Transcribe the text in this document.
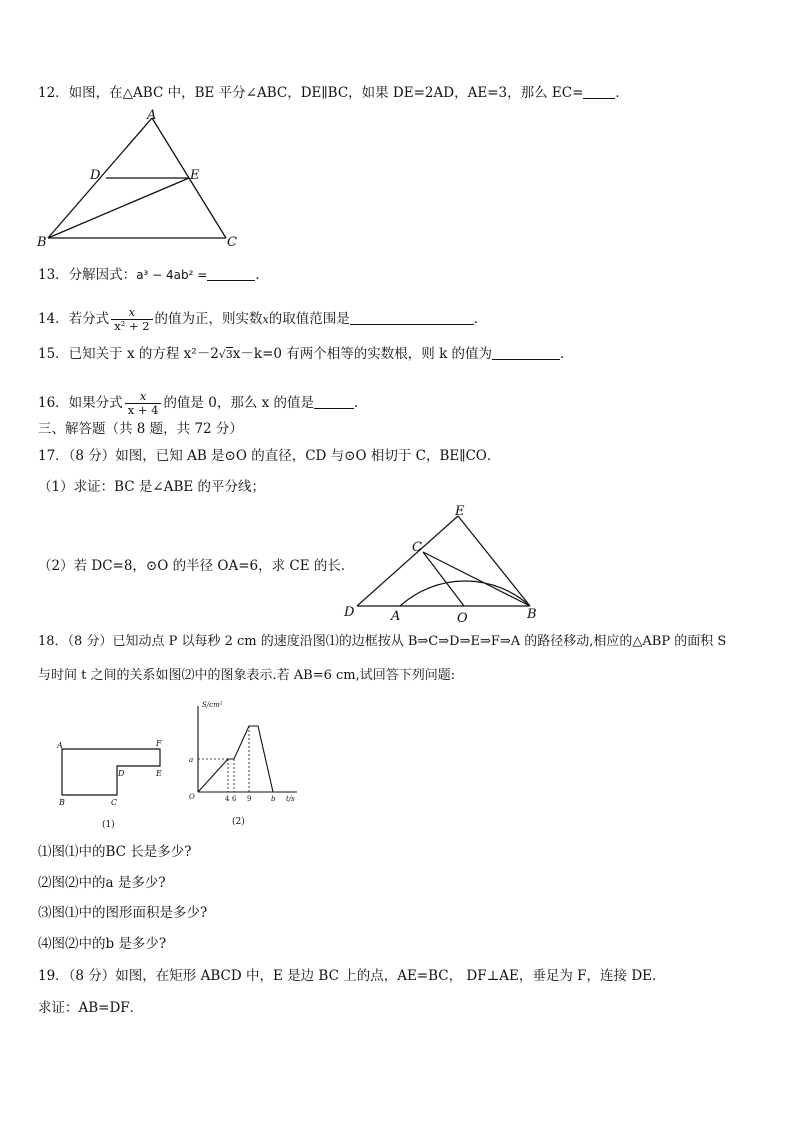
12．如图，在△ABC 中，BE 平分∠ABC，DE∥BC，如果 DE=2AD，AE=3，那么 EC= ．
A
D	E
B	C
13．分解因式：a³ − 4ab² =	．
14．若分式 $\frac{x}{\text{x² + 2}}$ 的值为正，则实数x的取值范围是	．
15．已知关于 x 的方程 x²－2√3x－k=0 有两个相等的实数根，则 k 的值为	．
16．如果分式 $\frac{x}{x + 4}$ 的值是 0，那么 x 的值是	.
三、解答题（共 8 题，共 72 分）
17．（8 分）如图，已知 AB 是⊙O 的直径，CD 与⊙O 相切于 C，BE∥CO．
（1）求证：BC 是∠ABE 的平分线；
（2）若 DC=8，⊙O 的半径 OA=6，求 CE 的长．
E
C
D	A	O	B
18．（8 分）已知动点 P 以每秒 2 cm 的速度沿图⑴的边框按从 B⇒C⇒D⇒E⇒F⇒A 的路径移动,相应的△ABP 的面积 S
与时间 t 之间的关系如图⑵中的图象表示.若 AB=6 cm,试回答下列问题:
A	F
D	E
B	C
(1)
S/cm²
a
O	4 6 9	b t/s
(2)
⑴图⑴中的BC 长是多少?
⑵图⑵中的a 是多少?
⑶图⑴中的图形面积是多少?
⑷图⑵中的b 是多少?
19．（8 分）如图，在矩形 ABCD 中，E 是边 BC 上的点，AE=BC， DF⊥AE，垂足为 F，连接 DE．
求证：AB=DF．
